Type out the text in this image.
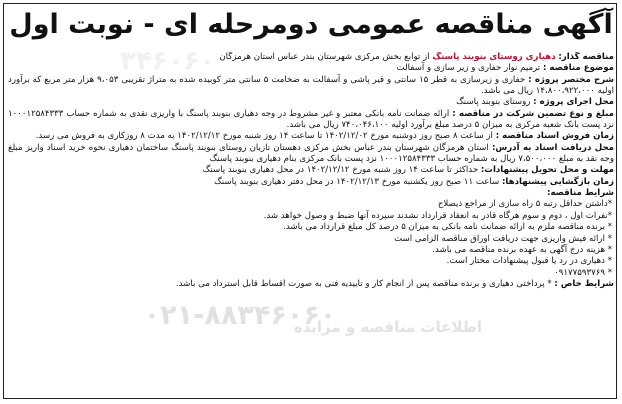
۳۴۶۰۶۰
آگهی مناقصه عمومی دومرحله ای - نوبت اول
مناقصه گذار: دهیاری روستای بنوبند پاسنگ از توابع بخش مرکزی شهرستان بندر عباس استان هرمزگان
موضوع مناقصه : ترمیم نوار حفاری و زیر سازی و آسفالت
شرح مختصر پروژه : حفاری و زیرسازی به قطر ۱۵ سانتی و قیر پاشی و آسفالت به ضخامت ۵ سانتی متر کوبیده شده به متراژ تقریبی ۹،۰۵۳ هزار متر مربع که برآورد اولیه ۱۴،۸۰۰،۹۲۲،۰۰۰ ریال می باشد.
محل اجرای پروژه : روستای بنوبند پاسنگ
مبلغ و نوع تضمین شرکت در مناقصه : ارائه ضمانت نامه بانکی معتبر و غیر مشروط در وجه دهیاری بنوبند پاسنگ با واریزی نقدی به شماره حساب ۱۰۰۰۱۲۵۸۴۳۳۳ نزد پست بانک شعبه مرکزی به میزان ۵ درصد مبلغ برآورد اولیه ۷۴۰،۰۴۶،۱۰۰ ریال می باشد.
زمان فروش اسناد مناقصه : از ساعت ۸ صبح روز دوشنبه مورخ ۱۴۰۲/۱۲/۰۲ تا ساعت ۱۴ روز شنبه مورخ ۱۴۰۲/۱۲/۱۲ به مدت ۸ روزکاری به فروش می رسد.
محل دریافت اسناد به آدرس: استان هرمزگان شهرستان بندر عباس بخش مرکزی دهستان تازیان روستای بنوبند پاسنگ ساختمان دهیاری نحوه خرید اسناد واریز مبلغ وجه نقد به مبلغ ۷،۵۰۰،۰۰۰ ریال به شماره حساب ۱۰۰۰۱۲۵۸۴۳۳۳ نزد پست بانک مرکزی بنام دهیاری بنوبند پاسنگ
مهلت و محل تحویل پیشنهادات: حداکثر تا ساعت ۱۴ روز شنبه مورخ ۱۴۰۲/۱۲/۱۲ در محل دهیاری بنوبند پاسنگ
زمان بازگشایی پیشنهادها: ساعت ۱۱ صبح روز یکشنبه مورخ ۱۴۰۲/۱۲/۱۳ در محل دفتر دهیاری بنوبند پاسنگ
شرایط مناقصه:
*داشتن حداقل رتبه ۵ راه سازی از مراجع ذیصلاح
*نفرات اول ، دوم و سوم هرگاه قادر به انعقاد قرارداد نشدند سپرده آنها ضبط و وصول خواهد شد.
* برنده مناقصه ملزم به ارائه ضمانت نامه بانکی به میزان ۵ درصد کل مبلغ قرارداد می باشد.
* ارائه فیش واریزی جهت دریافت اوراق مناقصه الزامی است
* هزینه درج آگهی به عهده برنده مناقصه می باشد.
* دهیاری در رد یا قبول پیشنهادات مختار است.
* ۰۹۱۷۷۵۹۳۷۶۹
شرایط خاص : * پرداختی دهیاری و برنده مناقصه پس از انجام کار و تاییدیه فنی به صورت اقساط قابل استرداد می باشد.
اطلاعات مناقصه و مزایده
۰۲۱-۸۸۳۴۶۰۶۰
